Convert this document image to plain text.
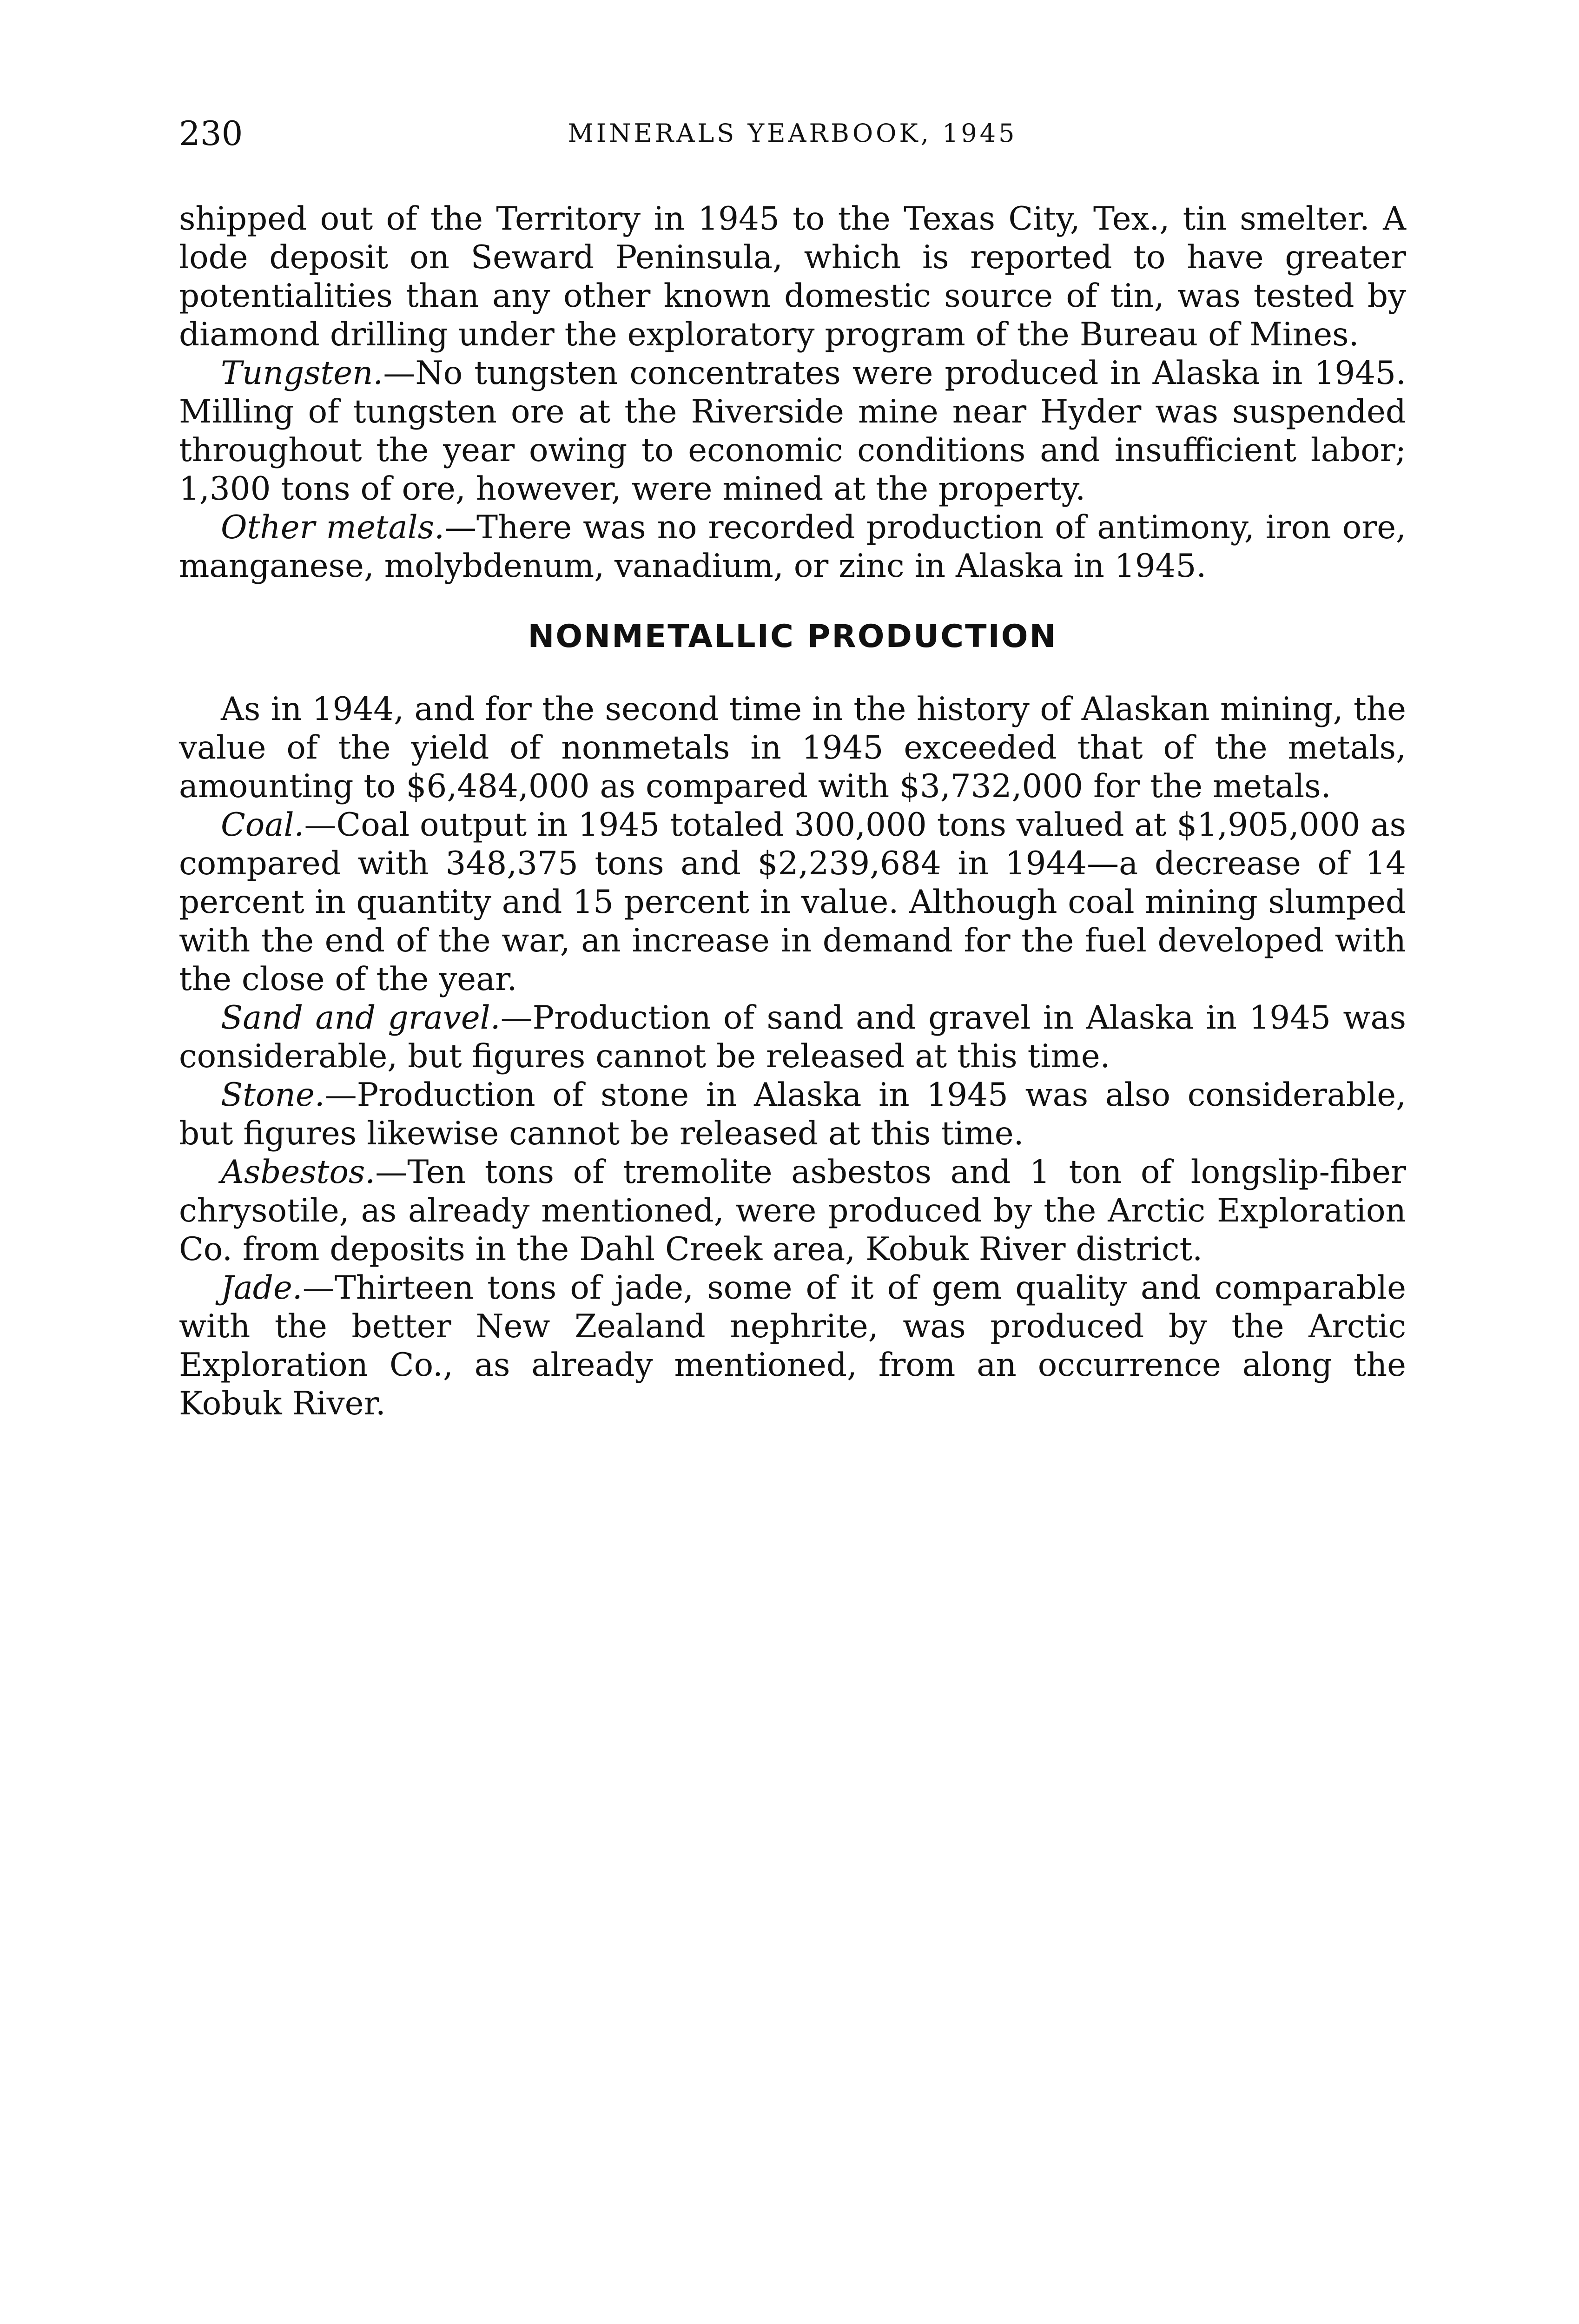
230	MINERALS YEARBOOK, 1945

shipped out of the Territory in 1945 to the Texas City, Tex., tin smelter. A lode deposit on Seward Peninsula, which is reported to have greater potentialities than any other known domestic source of tin, was tested by diamond drilling under the exploratory program of the Bureau of Mines.

Tungsten.—No tungsten concentrates were produced in Alaska in 1945. Milling of tungsten ore at the Riverside mine near Hyder was suspended throughout the year owing to economic conditions and insufficient labor; 1,300 tons of ore, however, were mined at the property.

Other metals.—There was no recorded production of antimony, iron ore, manganese, molybdenum, vanadium, or zinc in Alaska in 1945.

NONMETALLIC PRODUCTION

As in 1944, and for the second time in the history of Alaskan mining, the value of the yield of nonmetals in 1945 exceeded that of the metals, amounting to $6,484,000 as compared with $3,732,000 for the metals.

Coal.—Coal output in 1945 totaled 300,000 tons valued at $1,905,000 as compared with 348,375 tons and $2,239,684 in 1944—a decrease of 14 percent in quantity and 15 percent in value. Although coal mining slumped with the end of the war, an increase in demand for the fuel developed with the close of the year.

Sand and gravel.—Production of sand and gravel in Alaska in 1945 was considerable, but figures cannot be released at this time.

Stone.—Production of stone in Alaska in 1945 was also considerable, but figures likewise cannot be released at this time.

Asbestos.—Ten tons of tremolite asbestos and 1 ton of longslip-fiber chrysotile, as already mentioned, were produced by the Arctic Exploration Co. from deposits in the Dahl Creek area, Kobuk River district.

Jade.—Thirteen tons of jade, some of it of gem quality and comparable with the better New Zealand nephrite, was produced by the Arctic Exploration Co., as already mentioned, from an occurrence along the Kobuk River.
